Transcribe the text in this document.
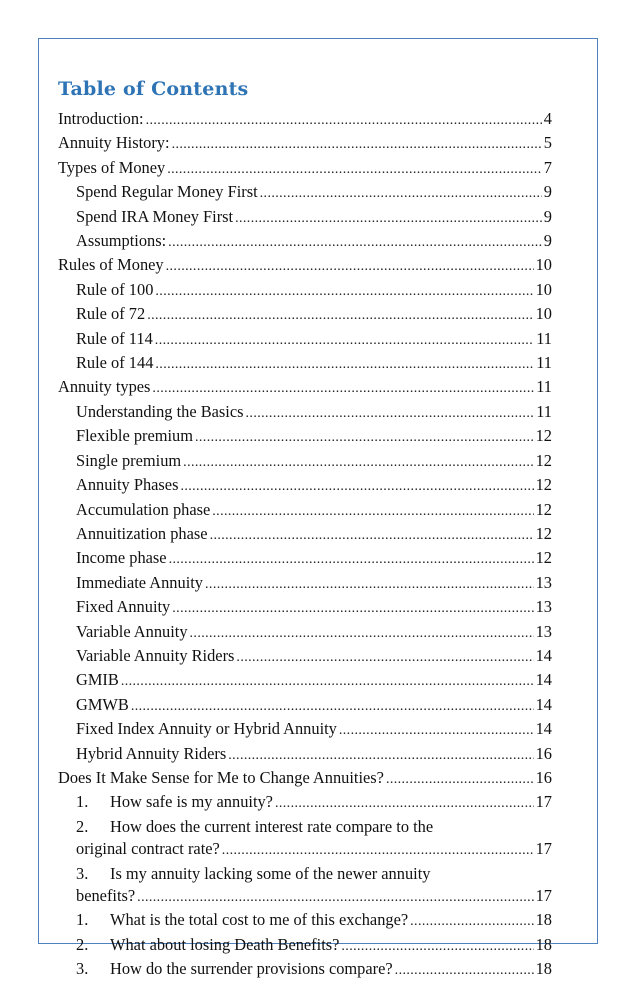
Table of Contents
Introduction: .....	4
Annuity History: .....	5
Types of Money .....	7
Spend Regular Money First .....	9
Spend IRA Money First .....	9
Assumptions: .....	9
Rules of Money .....	10
Rule of 100 .....	10
Rule of 72 .....	10
Rule of 114 .....	11
Rule of 144 .....	11
Annuity types .....	11
Understanding the Basics .....	11
Flexible premium .....	12
Single premium .....	12
Annuity Phases .....	12
Accumulation phase .....	12
Annuitization phase .....	12
Income phase .....	12
Immediate Annuity .....	13
Fixed Annuity .....	13
Variable Annuity .....	13
Variable Annuity Riders .....	14
GMIB .....	14
GMWB .....	14
Fixed Index Annuity or Hybrid Annuity .....	14
Hybrid Annuity Riders .....	16
Does It Make Sense for Me to Change Annuities? .....	16
1. How safe is my annuity? .....	17
2. How does the current interest rate compare to the
original contract rate? .....	17
3. Is my annuity lacking some of the newer annuity
benefits? .....	17
1. What is the total cost to me of this exchange? .....	18
2. What about losing Death Benefits? .....	18
3. How do the surrender provisions compare? .....	18
